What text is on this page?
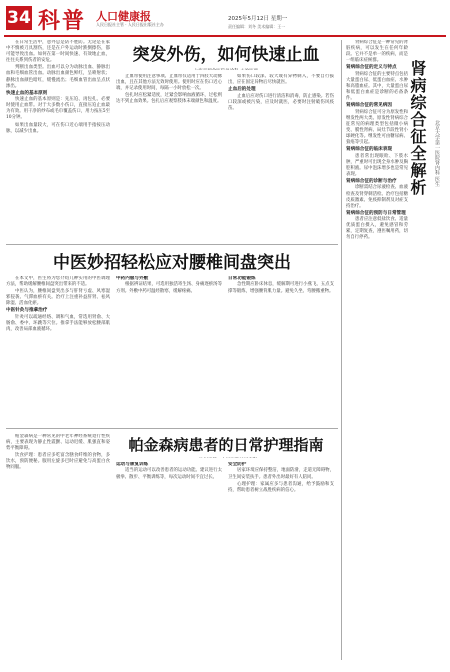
34 科普 人口健康报
人民日报社主管 · 人民日报出版社主办
2025年5月12日 星期一
责任编辑：刘冬 美术编辑：王一

在日常生活中，意外总是防不胜防。无论是在家中不慎被刀具割伤，还是在户外运动时跌倒擦伤，都可能导致出血。如何在第一时间快速、有效地止血，往往关系到伤者的安危。

判断出血类型。出血可以分为动脉出血、静脉出血和毛细血管出血。动脉出血颜色鲜红，呈喷射状；静脉出血颜色暗红，缓慢流出；毛细血管出血呈点状渗出。

快速止血的基本原则

快速止血的基本原则是：先压迫、再包扎、必要时使用止血带。对于大多数小伤口，直接压迫止血最为有效。用干净的纱布或毛巾覆盖伤口，用力按压5至10分钟。

如果出血量较大，可在伤口近心端用手指按压动脉，以减少出血。

突发外伤，如何快速止血

止血带使用注意事项。止血带仅适用于四肢大动脉出血，且在其他方法无效时使用。使用时应在伤口近心端，并记录使用时间，每隔一小时放松一次。

包扎时应松紧适度，过紧会影响血液循环，过松则达不到止血效果。包扎后应观察肢体末端颜色和温度。

如果伤口较深、较大或有异物刺入，不要自行拔出，应在固定异物后尽快就医。

止血后的处理

止血后应对伤口进行清洁和消毒，防止感染。若伤口较深或被污染，应及时就医，必要时注射破伤风疫苗。

肾病综合征是一种常见的肾脏疾病，可以发生在任何年龄段。它并不是单一的疾病，而是一组临床症候群。

肾病综合征的定义与特点

肾病综合征的主要特点包括大量蛋白尿、低蛋白血症、水肿和高脂血症。其中，大量蛋白尿和低蛋白血症是诊断的必备条件。

肾病综合征的常见病因

肾病综合征可分为原发性和继发性两大类。原发性肾病综合征常见的病理类型包括微小病变、膜性肾病、局灶节段性肾小球硬化等。继发性可由糖尿病、狼疮等引起。

肾病综合征的临床表现

患者常出现眼睑、下肢水肿，严重时可出现全身水肿及胸腔积液。尿中泡沫增多也是常见表现。

肾病综合征的诊断与治疗

诊断需结合尿液检查、血液检查及肾穿刺活检。治疗包括糖皮质激素、免疫抑制剂及对症支持治疗。

肾病综合征的预防与日常管理

患者应注意低盐饮食、适量优质蛋白摄入，避免感冒和劳累，定期复查，遵医嘱用药，切勿自行停药。

肾病综合征全解析	北京大学第一医院肾内科 医生
中医妙招轻松应对腰椎间盘突出

在本文中，医生将为您介绍几种实用的中医调理方法，帮助缓解腰椎间盘突出带来的不适。

中医认为，腰椎间盘突出多与肝肾亏虚、风寒湿邪侵袭、气滞血瘀有关。治疗上注重补益肝肾、祛风除湿、活血化瘀。

中医针灸与推拿治疗

针灸可以疏通经络、调和气血，常选用肾俞、大肠俞、委中、环跳等穴位。推拿手法能够放松腰部肌肉，改善局部血液循环。

中药内服与外敷

根据辨证结果，可选用独活寄生汤、身痛逐瘀汤等方剂。外敷中药可温经散寒，缓解疼痛。

日常功能锻炼

急性期应卧床休息，缓解期可进行小燕飞、五点支撑等锻炼，增强腰背肌力量。避免久坐、弯腰搬重物。

帕金森病是一种常见的中老年神经系统退行性疾病，主要表现为静止性震颤、运动迟缓、肌强直和姿势平衡障碍。

饮食护理：患者应多吃富含膳食纤维的食物，多饮水，预防便秘。服用左旋多巴时应避免与高蛋白食物同服。

帕金森病患者的日常护理指南
运动与康复训练

适当的运动可以改善患者的运动功能。建议进行太极拳、散步、平衡训练等，每次运动时间不宜过长。

安全防护

居家环境应保持整洁，地面防滑，走道无障碍物，卫生间安装扶手。患者外出时最好有人陪同。

心理护理：家属应多与患者沟通，给予鼓励和支持，帮助患者树立战胜疾病的信心。
